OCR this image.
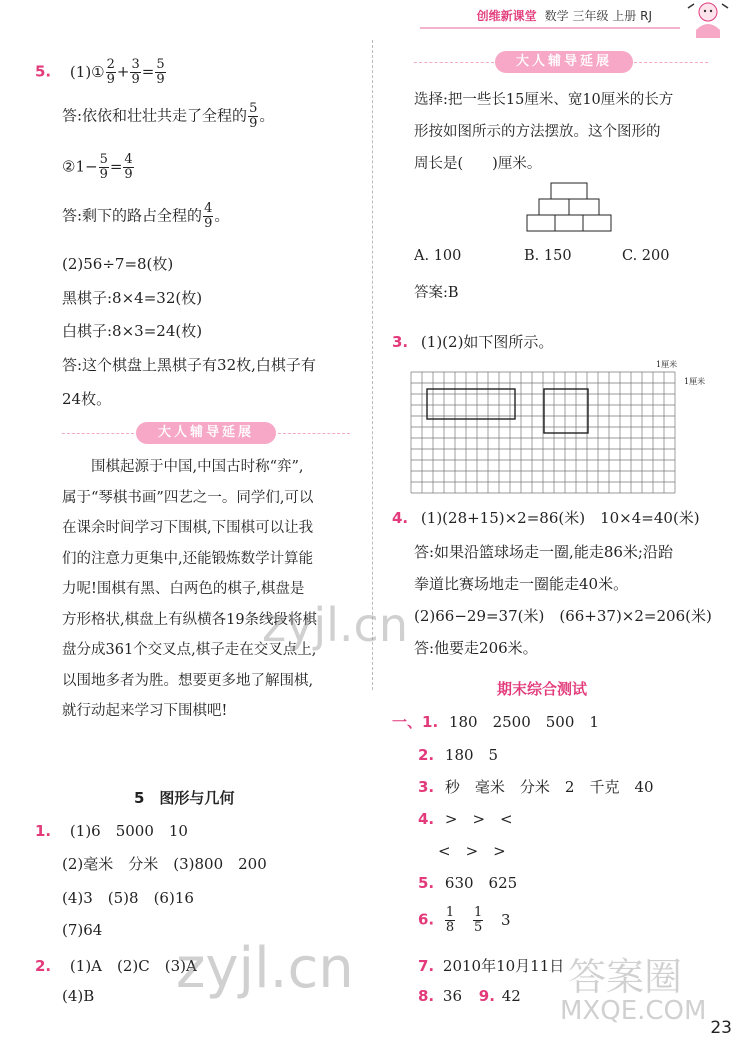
创维新课堂 数学 三年级 上册 RJ
5. (1)① $\frac{2}{9} + \frac{3}{9} = \frac{5}{9}$
答:依依和壮壮共走了全程的 $\frac{5}{9}$ 。
②1− $\frac{5}{9} = \frac{4}{9}$
答:剩下的路占全程的 $\frac{4}{9}$ 。
(2)56÷7=8(枚)
黑棋子:8×4=32(枚)
白棋子:8×3=24(枚)
答:这个棋盘上黑棋子有32枚,白棋子有
24枚。
大人辅导延展
围棋起源于中国,中国古时称“弈”,
属于“琴棋书画”四艺之一。同学们,可以
在课余时间学习下围棋,下围棋可以让我
们的注意力更集中,还能锻炼数学计算能
力呢!围棋有黑、白两色的棋子,棋盘是
方形格状,棋盘上有纵横各19条线段将棋
盘分成361个交叉点,棋子走在交叉点上,
以围地多者为胜。想要更多地了解围棋,
就行动起来学习下围棋吧!
5　图形与几何
1. (1)6　5000　10
(2)毫米　分米　(3)800　200
(4)3　(5)8　(6)16
(7)64
2. (1)A　(2)C　(3)A
(4)B
大人辅导延展
选择:把一些长15厘米、宽10厘米的长方
形按如图所示的方法摆放。这个图形的
周长是(　　)厘米。
A. 100	B. 150	C. 200
答案:B
3. (1)(2)如下图所示。
1厘米
1厘米
4. (1)(28+15)×2=86(米)　10×4=40(米)
答:如果沿篮球场走一圈,能走86米;沿跆
拳道比赛场地走一圈能走40米。
(2)66−29=37(米)　(66+37)×2=206(米)
答:他要走206米。
期末综合测试
一、1. 180　2500　500　1
2. 180　5
3. 秒　毫米　分米　2　千克　40
4. >　>　<
<　>　>
5. 630　625
6. $\frac{1}{8}$
$\frac{1}{5} 3$
7. 2010年10月11日
8. 36 9. 42
23
zyjl.cn
zyjl.cn	答案圈
MXQE.COM
